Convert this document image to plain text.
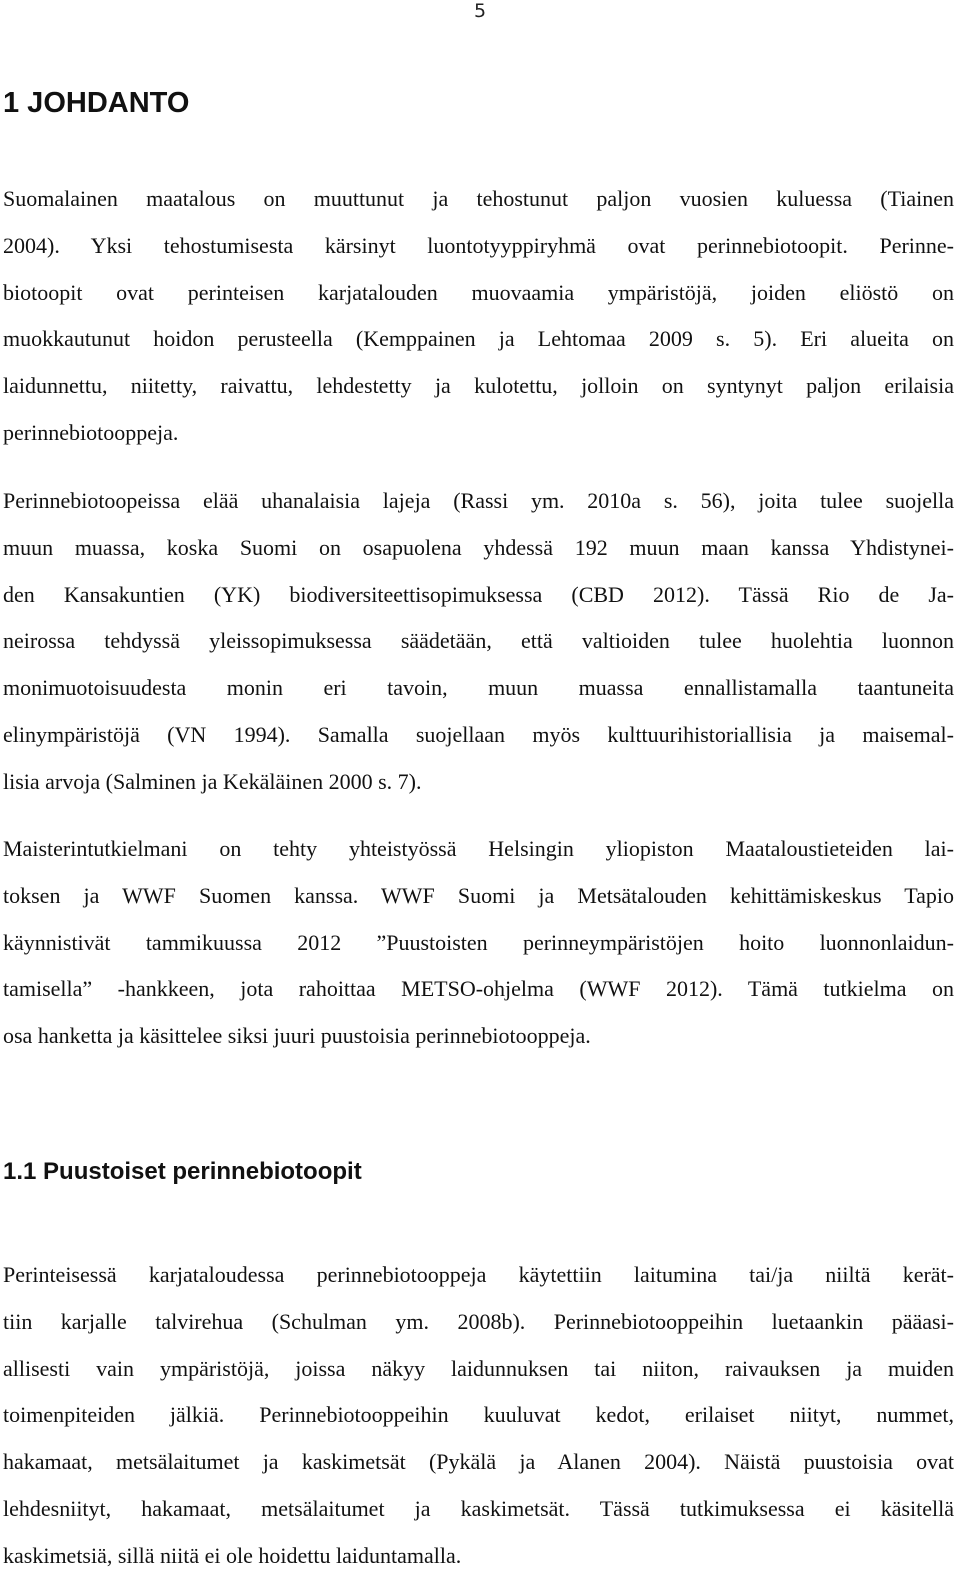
5
1 JOHDANTO

Suomalainen maatalous on muuttunut ja tehostunut paljon vuosien kuluessa (Tiainen
2004). Yksi tehostumisesta kärsinyt luontotyyppiryhmä ovat perinnebiotoopit. Perinne-
biotoopit ovat perinteisen karjatalouden muovaamia ympäristöjä, joiden eliöstö on
muokkautunut hoidon perusteella (Kemppainen ja Lehtomaa 2009 s. 5). Eri alueita on
laidunnettu, niitetty, raivattu, lehdestetty ja kulotettu, jolloin on syntynyt paljon erilaisia
perinnebiotooppeja.

Perinnebiotoopeissa elää uhanalaisia lajeja (Rassi ym. 2010a s. 56), joita tulee suojella
muun muassa, koska Suomi on osapuolena yhdessä 192 muun maan kanssa Yhdistynei-
den Kansakuntien (YK) biodiversiteettisopimuksessa (CBD 2012). Tässä Rio de Ja-
neirossa tehdyssä yleissopimuksessa säädetään, että valtioiden tulee huolehtia luonnon
monimuotoisuudesta monin eri tavoin, muun muassa ennallistamalla taantuneita
elinympäristöjä (VN 1994). Samalla suojellaan myös kulttuurihistoriallisia ja maisemal-
lisia arvoja (Salminen ja Kekäläinen 2000 s. 7).

Maisterintutkielmani on tehty yhteistyössä Helsingin yliopiston Maataloustieteiden lai-
toksen ja WWF Suomen kanssa. WWF Suomi ja Metsätalouden kehittämiskeskus Tapio
käynnistivät tammikuussa 2012 ”Puustoisten perinneympäristöjen hoito luonnonlaidun-
tamisella” -hankkeen, jota rahoittaa METSO-ohjelma (WWF 2012). Tämä tutkielma on
osa hanketta ja käsittelee siksi juuri puustoisia perinnebiotooppeja.

1.1 Puustoiset perinnebiotoopit

Perinteisessä karjataloudessa perinnebiotooppeja käytettiin laitumina tai/ja niiltä kerät-
tiin karjalle talvirehua (Schulman ym. 2008b). Perinnebiotooppeihin luetaankin pääasi-
allisesti vain ympäristöjä, joissa näkyy laidunnuksen tai niiton, raivauksen ja muiden
toimenpiteiden jälkiä. Perinnebiotooppeihin kuuluvat kedot, erilaiset niityt, nummet,
hakamaat, metsälaitumet ja kaskimetsät (Pykälä ja Alanen 2004). Näistä puustoisia ovat
lehdesniityt, hakamaat, metsälaitumet ja kaskimetsät. Tässä tutkimuksessa ei käsitellä
kaskimetsiä, sillä niitä ei ole hoidettu laiduntamalla.
